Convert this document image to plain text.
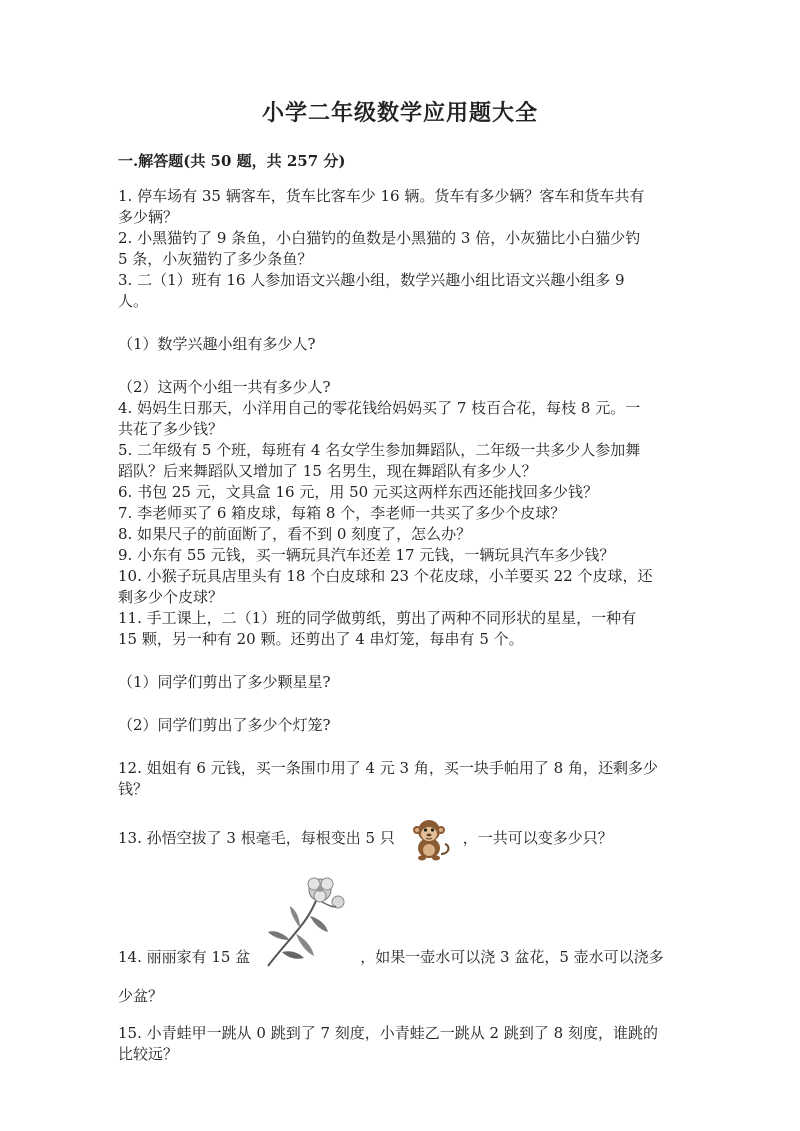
小学二年级数学应用题大全
一.解答题(共 50 题，共 257 分)

1. 停车场有 35 辆客车，货车比客车少 16 辆。货车有多少辆？客车和货车共有

多少辆？

2. 小黑猫钓了 9 条鱼，小白猫钓的鱼数是小黑猫的 3 倍，小灰猫比小白猫少钓

5 条，小灰猫钓了多少条鱼？

3. 二（1）班有 16 人参加语文兴趣小组，数学兴趣小组比语文兴趣小组多 9

人。

（1）数学兴趣小组有多少人?

（2）这两个小组一共有多少人?

4. 妈妈生日那天，小洋用自己的零花钱给妈妈买了 7 枝百合花，每枝 8 元。一

共花了多少钱？

5. 二年级有 5 个班，每班有 4 名女学生参加舞蹈队，二年级一共多少人参加舞

蹈队？后来舞蹈队又增加了 15 名男生，现在舞蹈队有多少人？

6. 书包 25 元，文具盒 16 元，用 50 元买这两样东西还能找回多少钱？

7. 李老师买了 6 箱皮球，每箱 8 个，李老师一共买了多少个皮球？

8. 如果尺子的前面断了，看不到 0 刻度了，怎么办？

9. 小东有 55 元钱，买一辆玩具汽车还差 17 元钱，一辆玩具汽车多少钱？

10. 小猴子玩具店里头有 18 个白皮球和 23 个花皮球，小羊要买 22 个皮球，还

剩多少个皮球？

11. 手工课上，二（1）班的同学做剪纸，剪出了两种不同形状的星星，一种有

15 颗，另一种有 20 颗。还剪出了 4 串灯笼，每串有 5 个。

（1）同学们剪出了多少颗星星?

（2）同学们剪出了多少个灯笼?

12. 姐姐有 6 元钱，买一条围巾用了 4 元 3 角，买一块手帕用了 8 角，还剩多少

钱？

13. 孙悟空拔了 3 根毫毛，每根变出 5 只	，一共可以变多少只？
14. 丽丽家有 15 盆	，如果一壶水可以浇 3 盆花，5 壶水可以浇多

少盆？

15. 小青蛙甲一跳从 0 跳到了 7 刻度，小青蛙乙一跳从 2 跳到了 8 刻度，谁跳的

比较远？
